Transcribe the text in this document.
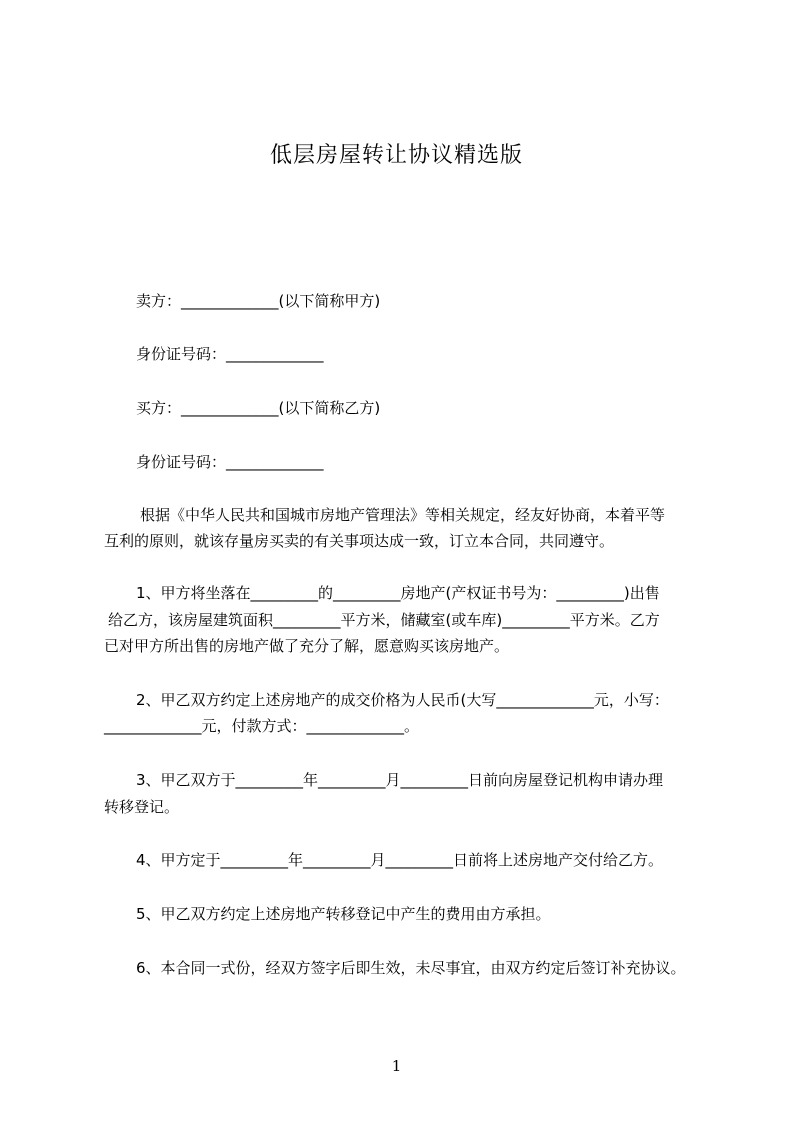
低层房屋转让协议精选版
卖方：_____________(以下简称甲方)
身份证号码：_____________
买方：_____________(以下简称乙方)
身份证号码：_____________
根据《中华人民共和国城市房地产管理法》等相关规定，经友好协商，本着平等
互利的原则，就该存量房买卖的有关事项达成一致，订立本合同，共同遵守。
1、甲方将坐落在_________的_________房地产(产权证书号为：_________)出售
给乙方，该房屋建筑面积_________平方米，储藏室(或车库)_________平方米。乙方
已对甲方所出售的房地产做了充分了解，愿意购买该房地产。
2、甲乙双方约定上述房地产的成交价格为人民币(大写_____________元，小写：
_____________元，付款方式：_____________。
3、甲乙双方于_________年_________月_________日前向房屋登记机构申请办理
转移登记。
4、甲方定于_________年_________月_________日前将上述房地产交付给乙方。
5、甲乙双方约定上述房地产转移登记中产生的费用由方承担。
6、本合同一式份，经双方签字后即生效，未尽事宜，由双方约定后签订补充协议。
1
